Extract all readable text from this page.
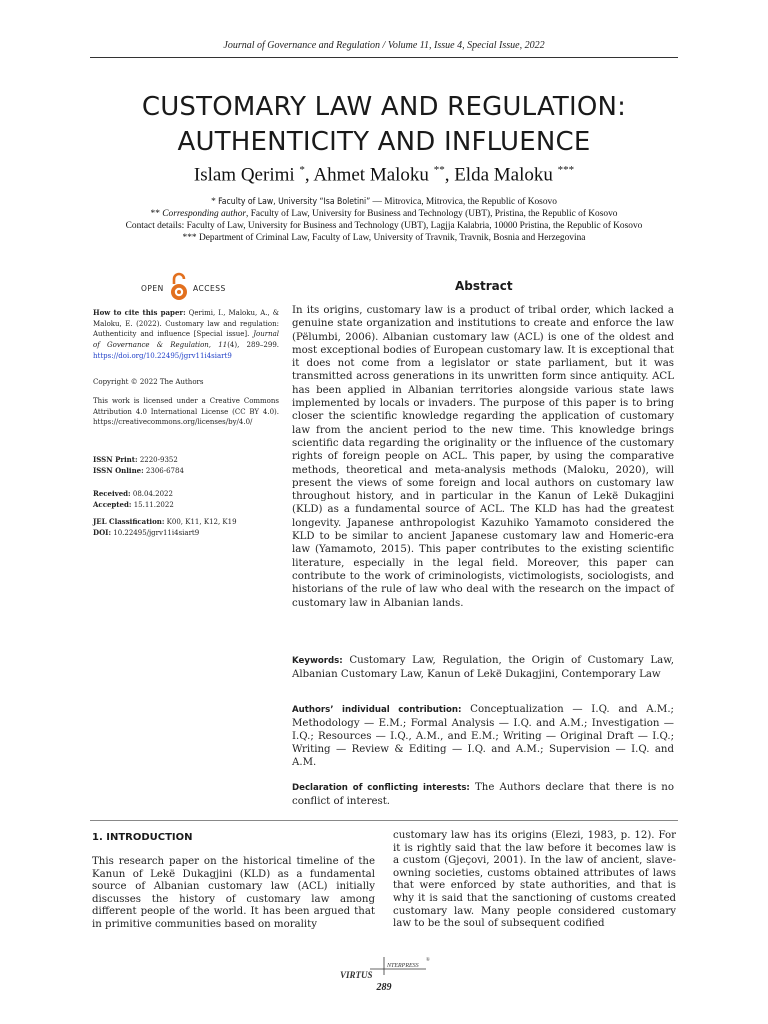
Journal of Governance and Regulation / Volume 11, Issue 4, Special Issue, 2022
CUSTOMARY LAW AND REGULATION:
AUTHENTICITY AND INFLUENCE
Islam Qerimi *, Ahmet Maloku **, Elda Maloku ***
* Faculty of Law, University “Isa Boletini” — Mitrovica, Mitrovica, the Republic of Kosovo
** Corresponding author, Faculty of Law, University for Business and Technology (UBT), Pristina, the Republic of Kosovo
Contact details: Faculty of Law, University for Business and Technology (UBT), Lagjja Kalabria, 10000 Pristina, the Republic of Kosovo
*** Department of Criminal Law, Faculty of Law, University of Travnik, Travnik, Bosnia and Herzegovina
OPEN	ACCESS
How to cite this paper: Qerimi, I., Maloku, A., & Maloku, E. (2022). Customary law and regulation: Authenticity and influence [Special issue]. Journal of Governance & Regulation, 11(4), 289–299. https://doi.org/10.22495/jgrv11i4siart9
Copyright © 2022 The Authors
This work is licensed under a Creative Commons Attribution 4.0 International License (CC BY 4.0). https://creativecommons.org/licenses/by/4.0/
ISSN Print: 2220-9352
ISSN Online: 2306-6784
Received: 08.04.2022
Accepted: 15.11.2022
JEL Classification: K00, K11, K12, K19
DOI: 10.22495/jgrv11i4siart9
Abstract
In its origins, customary law is a product of tribal order, which lacked a genuine state organization and institutions to create and enforce the law (Pëlumbi, 2006). Albanian customary law (ACL) is one of the oldest and most exceptional bodies of European customary law. It is exceptional that it does not come from a legislator or state parliament, but it was transmitted across generations in its unwritten form since antiquity. ACL has been applied in Albanian territories alongside various state laws implemented by locals or invaders. The purpose of this paper is to bring closer the scientific knowledge regarding the application of customary law from the ancient period to the new time. This knowledge brings scientific data regarding the originality or the influence of the customary rights of foreign people on ACL. This paper, by using the comparative methods, theoretical and meta-analysis methods (Maloku, 2020), will present the views of some foreign and local authors on customary law throughout history, and in particular in the Kanun of Lekë Dukagjini (KLD) as a fundamental source of ACL. The KLD has had the greatest longevity. Japanese anthropologist Kazuhiko Yamamoto considered the KLD to be similar to ancient Japanese customary law and Homeric-era law (Yamamoto, 2015). This paper contributes to the existing scientific literature, especially in the legal field. Moreover, this paper can contribute to the work of criminologists, victimologists, sociologists, and historians of the rule of law who deal with the research on the impact of customary law in Albanian lands.
Keywords: Customary Law, Regulation, the Origin of Customary Law, Albanian Customary Law, Kanun of Lekë Dukagjini, Contemporary Law
Authors’ individual contribution: Conceptualization — I.Q. and A.M.; Methodology — E.M.; Formal Analysis — I.Q. and A.M.; Investigation — I.Q.; Resources — I.Q., A.M., and E.M.; Writing — Original Draft — I.Q.; Writing — Review & Editing — I.Q. and A.M.; Supervision — I.Q. and A.M.
Declaration of conflicting interests: The Authors declare that there is no conflict of interest.
1. INTRODUCTION
This research paper on the historical timeline of the Kanun of Lekë Dukagjini (KLD) as a fundamental source of Albanian customary law (ACL) initially discusses the history of customary law among different people of the world. It has been argued that in primitive communities based on morality
customary law has its origins (Elezi, 1983, p. 12). For it is rightly said that the law before it becomes law is a custom (Gjeçovi, 2001). In the law of ancient, slave-owning societies, customs obtained attributes of laws that were enforced by state authorities, and that is why it is said that the sanctioning of customs created customary law. Many people considered customary law to be the soul of subsequent codified
VIRTUS
NTERPRESS
®
289
